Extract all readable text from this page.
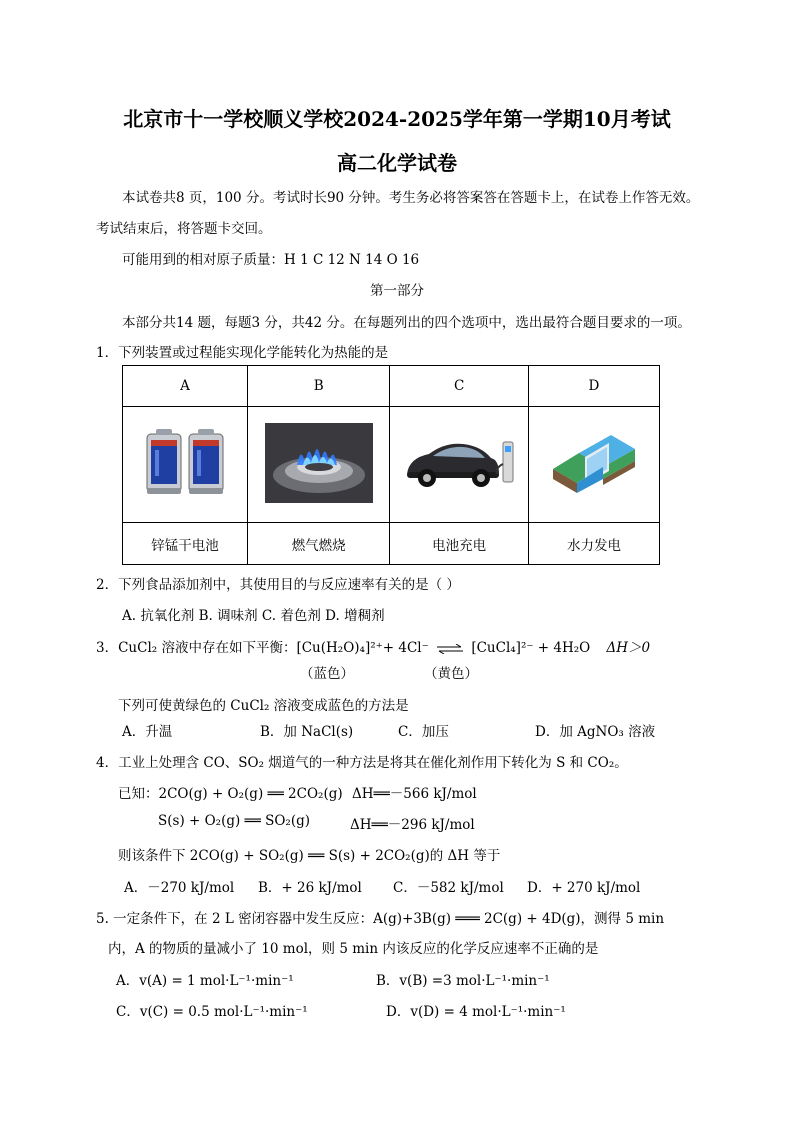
北京市十一学校顺义学校2024-2025学年第一学期10月考试
高二化学试卷
本试卷共8 页，100 分。考试时长90 分钟。考生务必将答案答在答题卡上，在试卷上作答无效。
考试结束后，将答题卡交回。
可能用到的相对原子质量：H 1 C 12 N 14 O 16
第一部分
本部分共14 题，每题3 分，共42 分。在每题列出的四个选项中，选出最符合题目要求的一项。
1．下列装置或过程能实现化学能转化为热能的是
A	B	C	D

锌锰干电池	燃气燃烧	电池充电	水力发电
2．下列食品添加剂中，其使用目的与反应速率有关的是（ ）
A. 抗氧化剂 B. 调味剂 C. 着色剂 D. 增稠剂
3．CuCl₂ 溶液中存在如下平衡：[Cu(H₂O)₄]²⁺+ 4Cl⁻ ⇌ [CuCl₄]²⁻ + 4H₂O ΔH＞0
（蓝色）	（黄色）
下列可使黄绿色的 CuCl₂ 溶液变成蓝色的方法是
A．升温	B．加 NaCl(s)	C．加压	D．加 AgNO₃ 溶液
4．工业上处理含 CO、SO₂ 烟道气的一种方法是将其在催化剂作用下转化为 S 和 CO₂。
已知：2CO(g) + O₂(g) ══ 2CO₂(g) ΔH══－566 kJ/mol
S(s) + O₂(g) ══ SO₂(g)	ΔH══－296 kJ/mol
则该条件下 2CO(g) + SO₂(g) ══ S(s) + 2CO₂(g)的 ΔH 等于
A．－270 kJ/mol B．+ 26 kJ/mol C．－582 kJ/mol D．+ 270 kJ/mol
5. 一定条件下，在 2 L 密闭容器中发生反应：A(g)+3B(g) ═══ 2C(g) + 4D(g)，测得 5 min
内，A 的物质的量减小了 10 mol，则 5 min 内该反应的化学反应速率不正确的是
A．v(A) = 1 mol·L⁻¹·min⁻¹	B．v(B) =3 mol·L⁻¹·min⁻¹
C．v(C) = 0.5 mol·L⁻¹·min⁻¹	D．v(D) = 4 mol·L⁻¹·min⁻¹
